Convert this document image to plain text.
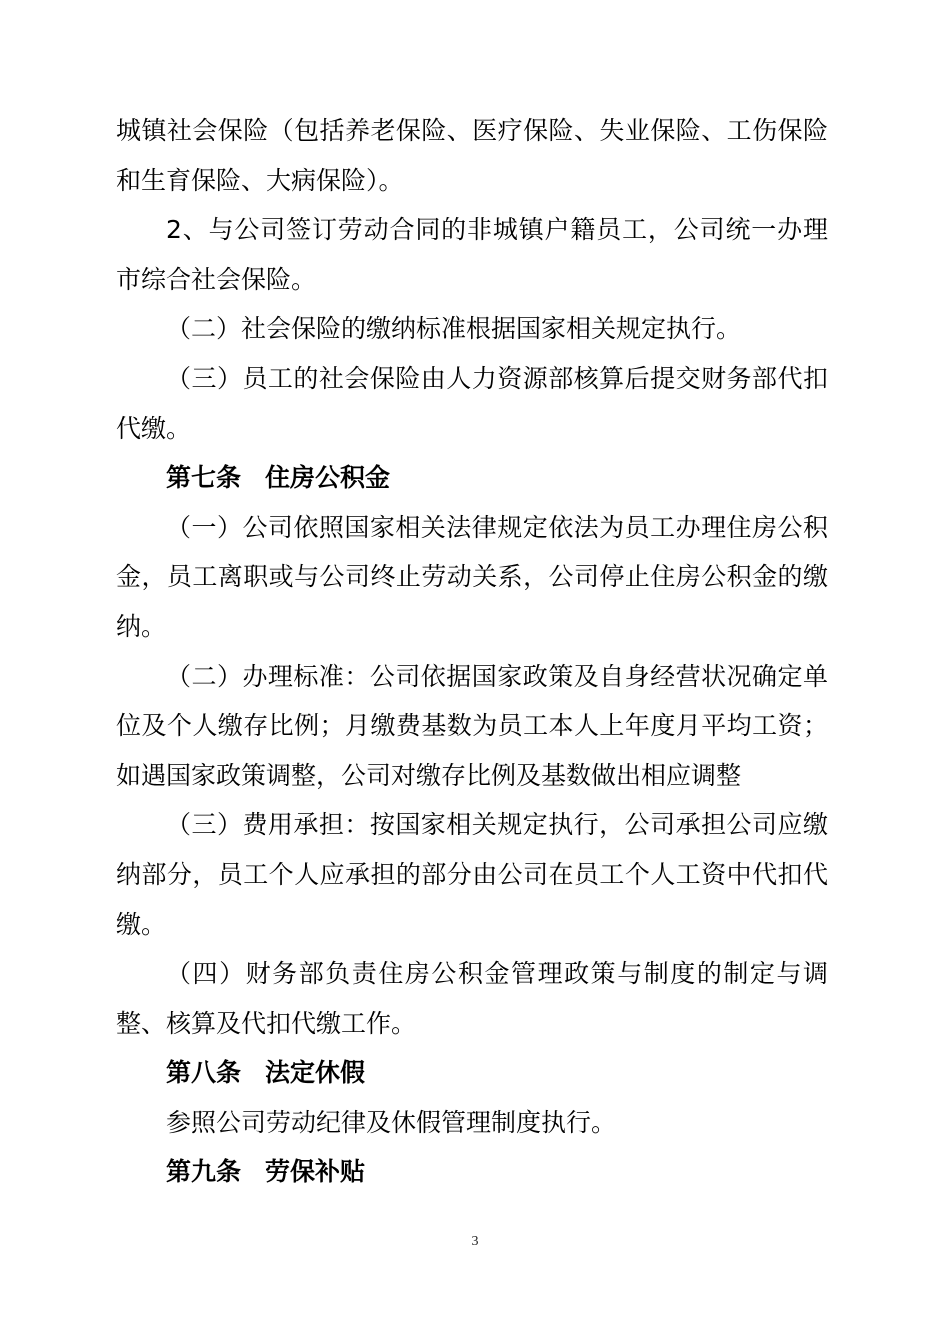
城镇社会保险（包括养老保险、医疗保险、失业保险、工伤保险
和生育保险、大病保险）。
2、与公司签订劳动合同的非城镇户籍员工，公司统一办理
市综合社会保险。
（二）社会保险的缴纳标准根据国家相关规定执行。
（三）员工的社会保险由人力资源部核算后提交财务部代扣
代缴。
第七条 住房公积金
（一）公司依照国家相关法律规定依法为员工办理住房公积
金，员工离职或与公司终止劳动关系，公司停止住房公积金的缴
纳。
（二）办理标准：公司依据国家政策及自身经营状况确定单
位及个人缴存比例；月缴费基数为员工本人上年度月平均工资；
如遇国家政策调整，公司对缴存比例及基数做出相应调整
（三）费用承担：按国家相关规定执行，公司承担公司应缴
纳部分，员工个人应承担的部分由公司在员工个人工资中代扣代
缴。
（四）财务部负责住房公积金管理政策与制度的制定与调
整、核算及代扣代缴工作。
第八条 法定休假
参照公司劳动纪律及休假管理制度执行。
第九条 劳保补贴
3
